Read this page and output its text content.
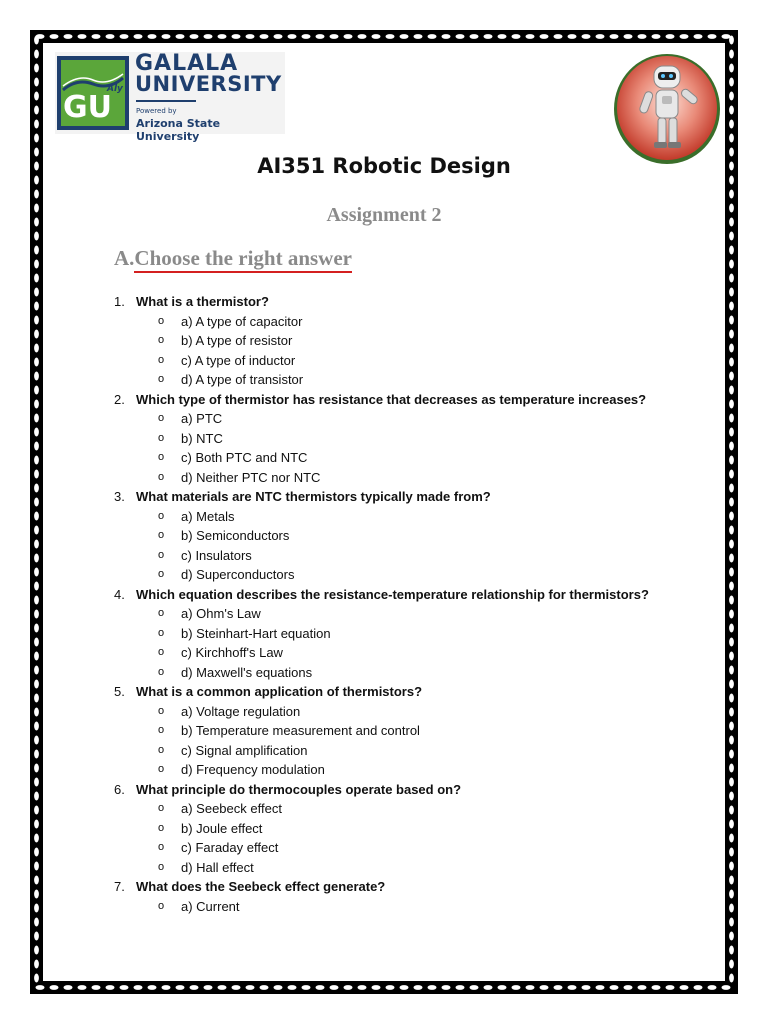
GU
Aly
GALALA
UNIVERSITY
Powered by
Arizona State University
AI351 Robotic Design
Assignment 2
A.Choose the right answer
1. What is a thermistor?
o a) A type of capacitor
o b) A type of resistor
o c) A type of inductor
o d) A type of transistor
2. Which type of thermistor has resistance that decreases as temperature increases?
o a) PTC
o b) NTC
o c) Both PTC and NTC
o d) Neither PTC nor NTC
3. What materials are NTC thermistors typically made from?
o a) Metals
o b) Semiconductors
o c) Insulators
o d) Superconductors
4. Which equation describes the resistance-temperature relationship for thermistors?
o a) Ohm's Law
o b) Steinhart-Hart equation
o c) Kirchhoff's Law
o d) Maxwell's equations
5. What is a common application of thermistors?
o a) Voltage regulation
o b) Temperature measurement and control
o c) Signal amplification
o d) Frequency modulation
6. What principle do thermocouples operate based on?
o a) Seebeck effect
o b) Joule effect
o c) Faraday effect
o d) Hall effect
7. What does the Seebeck effect generate?
o a) Current
